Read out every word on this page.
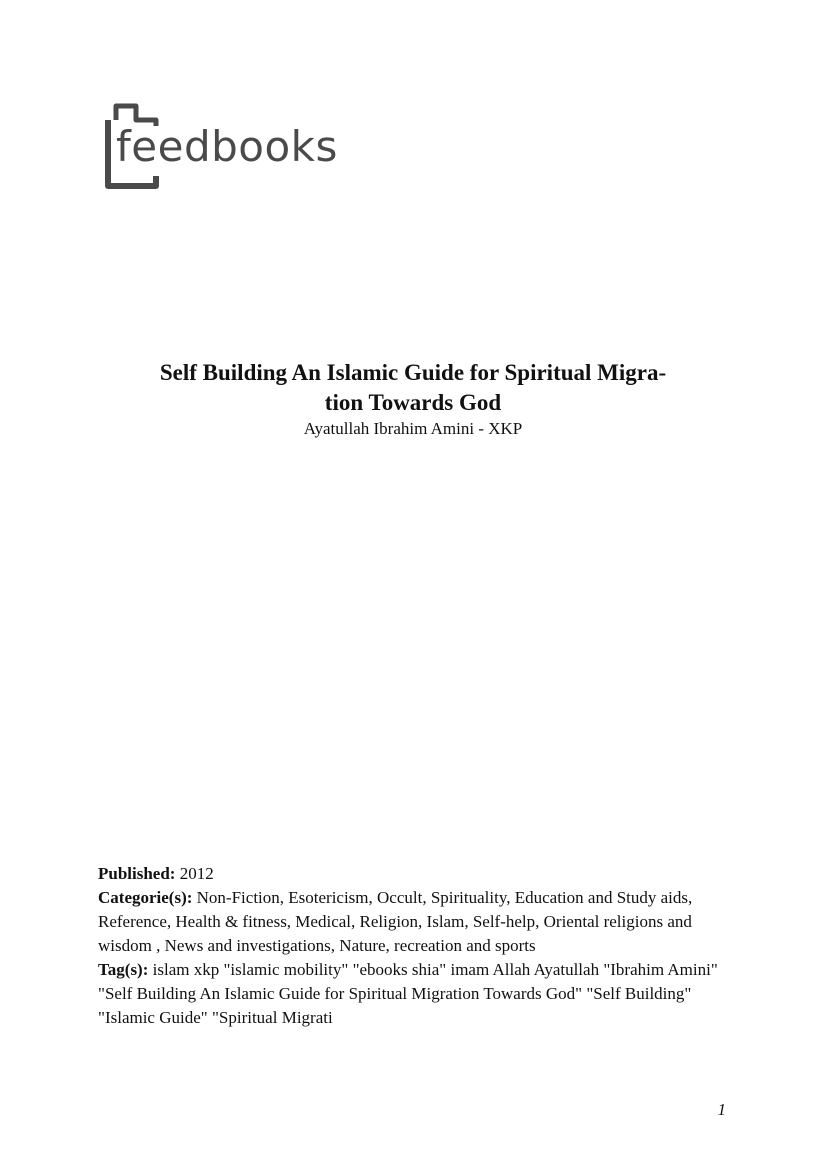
feedbooks
Self Building An Islamic Guide for Spiritual Migra-
tion Towards God
Ayatullah Ibrahim Amini - XKP

Published: 2012

Categorie(s): Non-Fiction, Esotericism, Occult, Spirituality, Education and Study aids, Reference, Health & fitness, Medical, Religion, Islam, Self-help, Oriental religions and wisdom , News and investigations, Nature, recreation and sports

Tag(s): islam xkp "islamic mobility" "ebooks shia" imam Allah Ayatullah "Ibrahim Amini" "Self Building An Islamic Guide for Spiritual Migration Towards God" "Self Building" "Islamic Guide" "Spiritual Migrati

1
